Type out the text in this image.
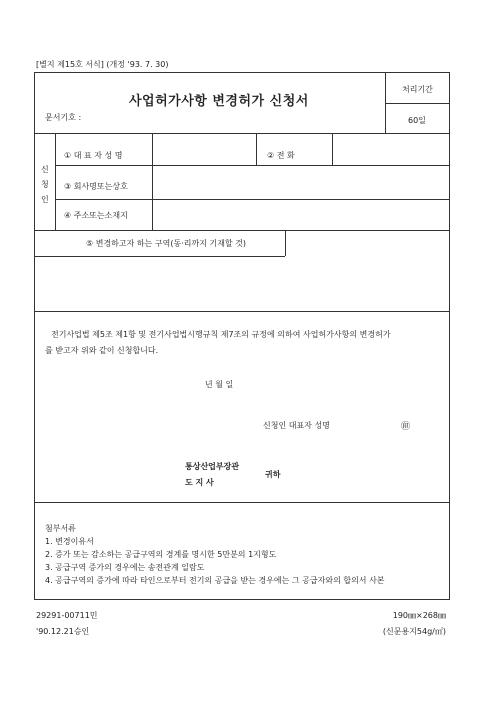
[별지 제15호 서식] (개정 '93. 7. 30)
사업허가사항 변경허가 신청서
문서기호 :
처리기간
60일
신
청
인
① 대 표 자 성 명	② 전 화
③ 회사명또는상호
④ 주소또는소재지
⑤ 변경하고자 하는 구역(동·리까지 기재할 것)
전기사업법 제5조 제1항 및 전기사업법시행규칙 제7조의 규정에 의하여 사업허가사항의 변경허가
를 받고자 위와 같이 신청합니다.
년 월 일
신청인 대표자 성명	㊞
통상산업부장관
도 지 사
귀하
첨부서류
1. 변경이유서
2. 증가 또는 감소하는 공급구역의 경계를 명시한 5만분의 1지형도
3. 공급구역 증가의 경우에는 송전관계 일람도
4. 공급구역의 증가에 따라 타인으로부터 전기의 공급을 받는 경우에는 그 공급자와의 합의서 사본
29291-00711민
'90.12.21승인
190㎜×268㎜
(신문용지54g/㎡)
